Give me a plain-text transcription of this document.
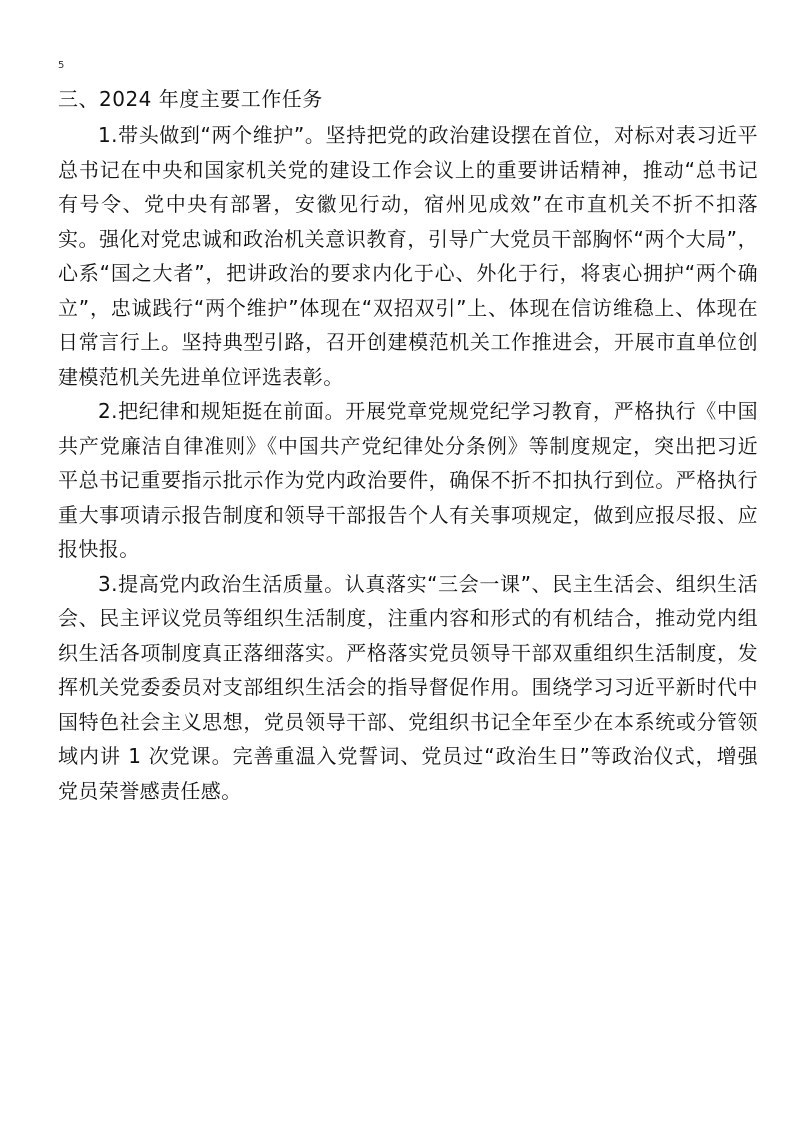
5
三、2024 年度主要工作任务

1.带头做到“两个维护”。坚持把党的政治建设摆在首位，对标对表习近平总书记在中央和国家机关党的建设工作会议上的重要讲话精神，推动“总书记有号令、党中央有部署，安徽见行动，宿州见成效”在市直机关不折不扣落实。强化对党忠诚和政治机关意识教育，引导广大党员干部胸怀“两个大局”，心系“国之大者”，把讲政治的要求内化于心、外化于行，将衷心拥护“两个确立”，忠诚践行“两个维护”体现在“双招双引”上、体现在信访维稳上、体现在日常言行上。坚持典型引路，召开创建模范机关工作推进会，开展市直单位创建模范机关先进单位评选表彰。

2.把纪律和规矩挺在前面。开展党章党规党纪学习教育，严格执行《中国共产党廉洁自律准则》《中国共产党纪律处分条例》等制度规定，突出把习近平总书记重要指示批示作为党内政治要件，确保不折不扣执行到位。严格执行重大事项请示报告制度和领导干部报告个人有关事项规定，做到应报尽报、应报快报。

3.提高党内政治生活质量。认真落实“三会一课”、民主生活会、组织生活会、民主评议党员等组织生活制度，注重内容和形式的有机结合，推动党内组织生活各项制度真正落细落实。严格落实党员领导干部双重组织生活制度，发挥机关党委委员对支部组织生活会的指导督促作用。围绕学习习近平新时代中国特色社会主义思想，党员领导干部、党组织书记全年至少在本系统或分管领域内讲 1 次党课。完善重温入党誓词、党员过“政治生日”等政治仪式，增强党员荣誉感责任感。
